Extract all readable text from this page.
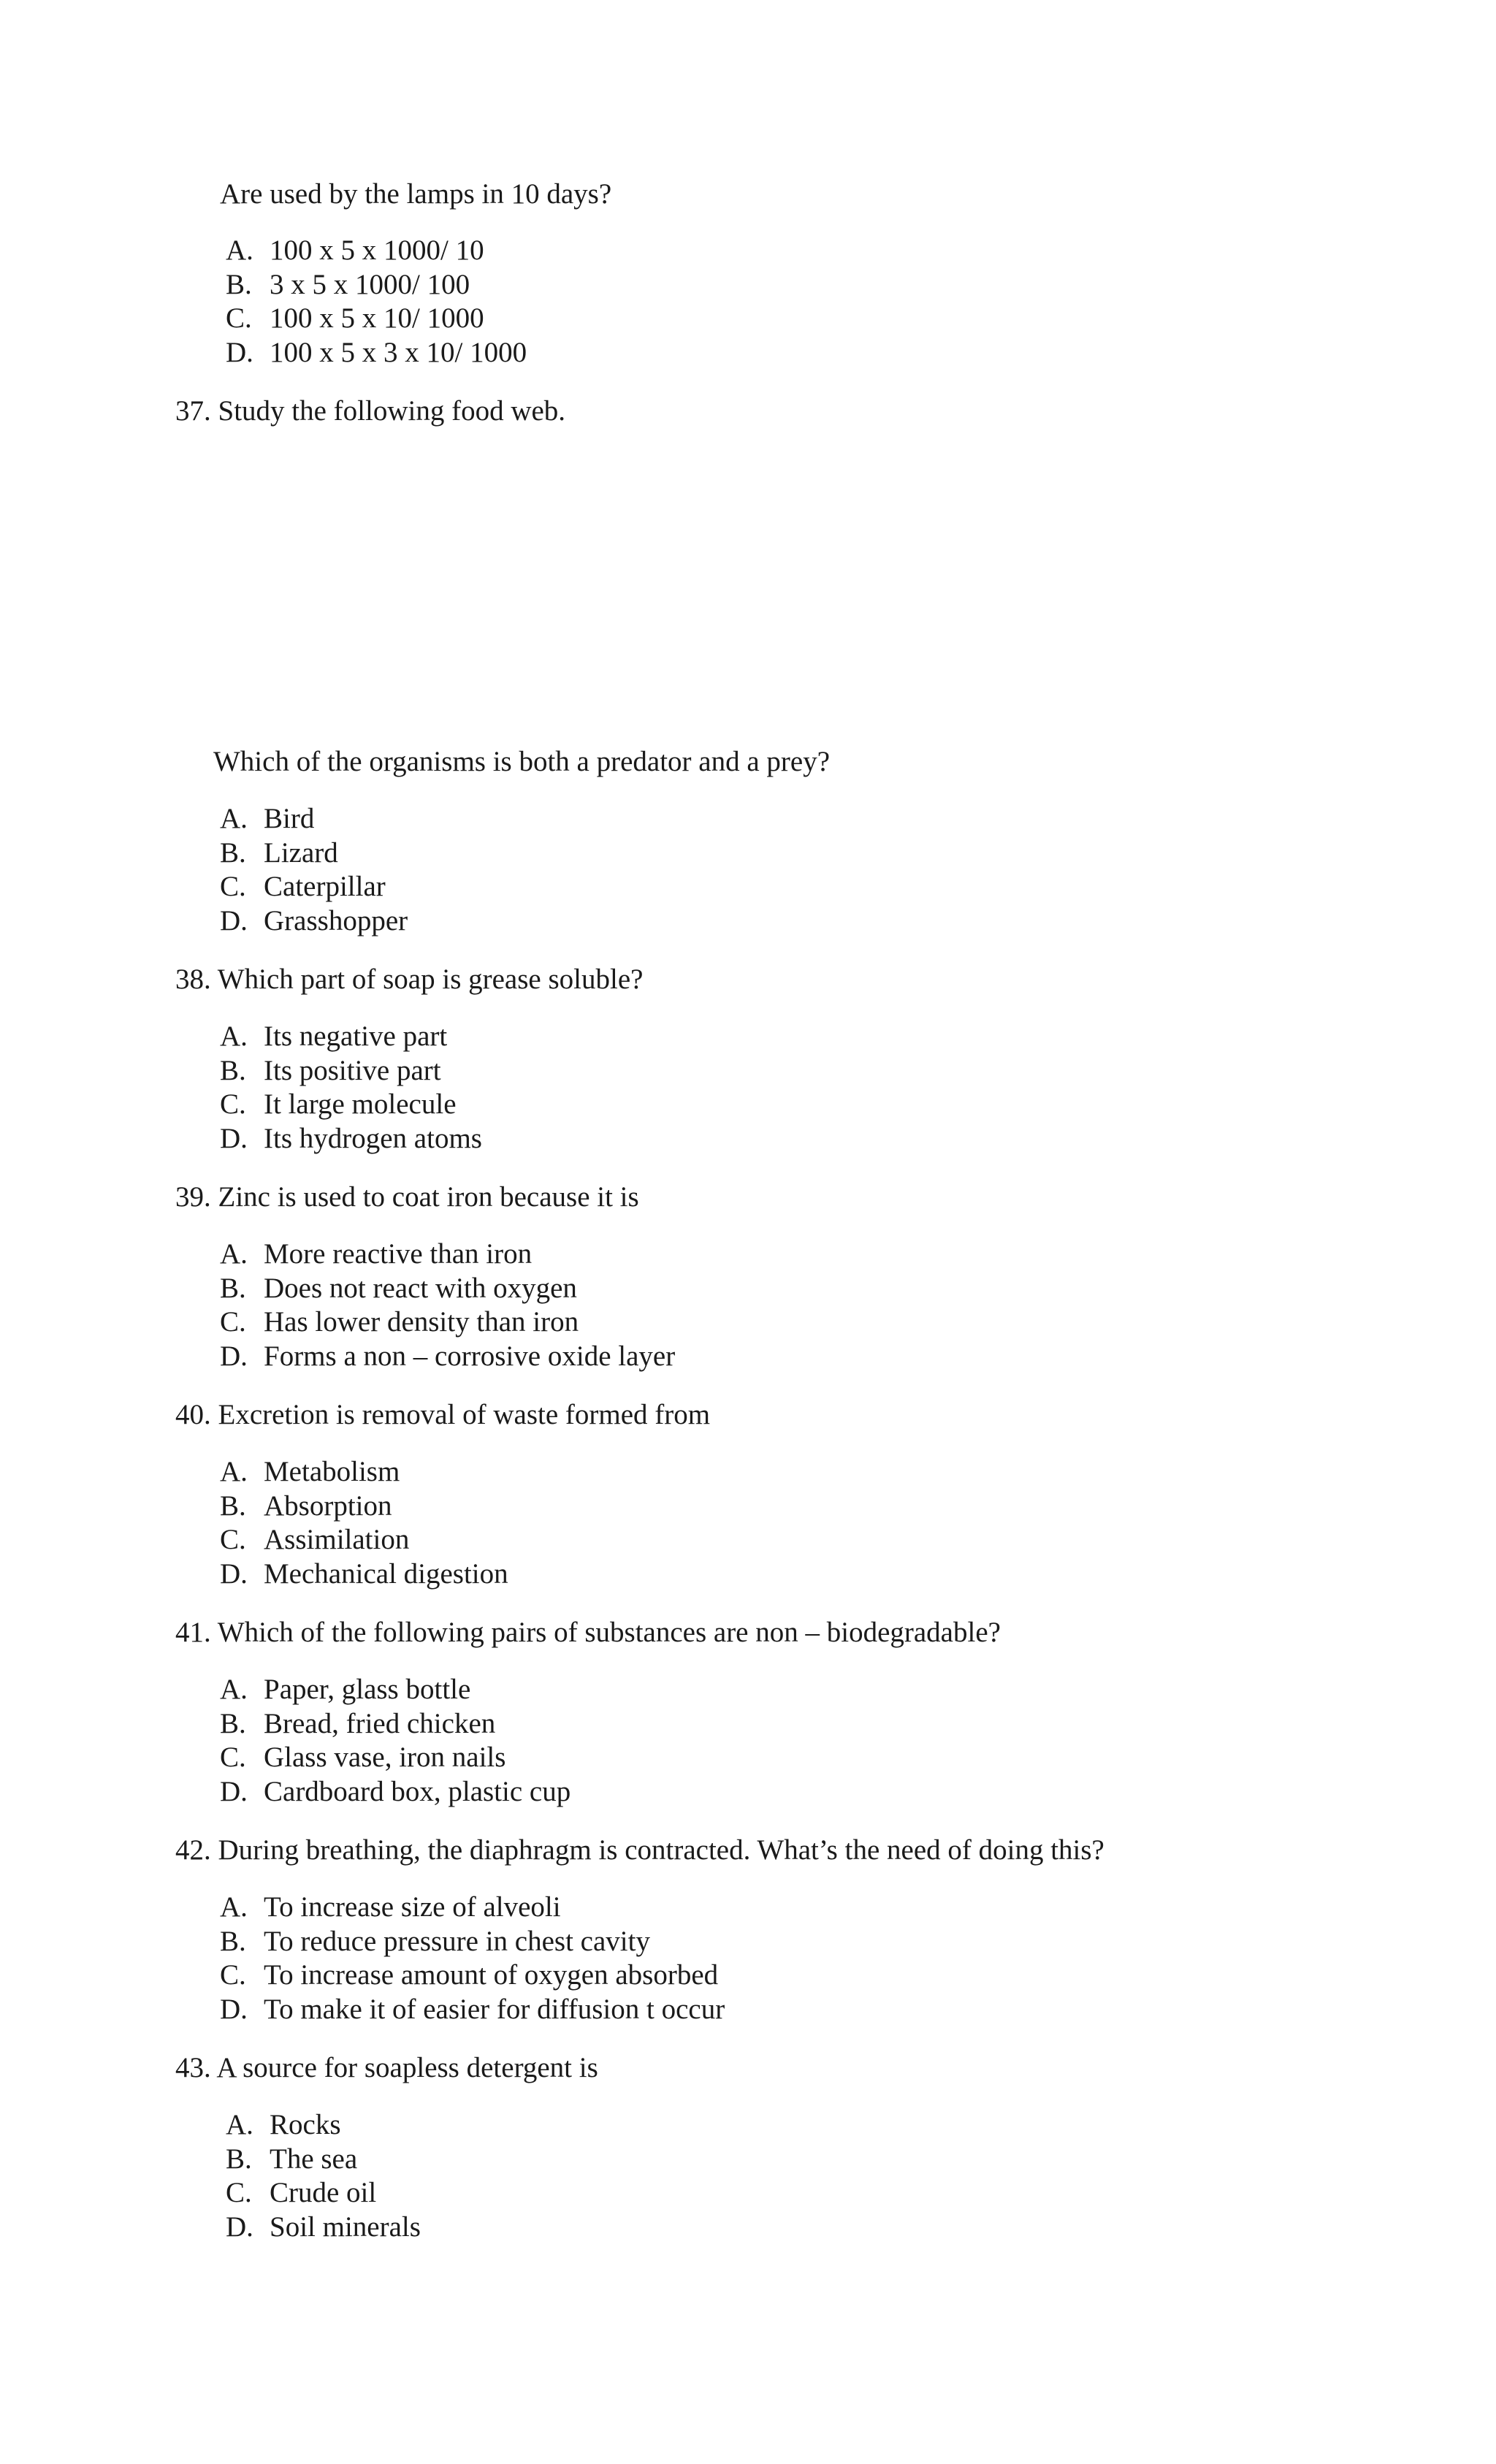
Are used by the lamps in 10 days?
A. 100 x 5 x 1000/ 10
B. 3 x 5 x 1000/ 100
C. 100 x 5 x 10/ 1000
D. 100 x 5 x 3 x 10/ 1000
37. Study the following food web.
Which of the organisms is both a predator and a prey?
A. Bird
B. Lizard
C. Caterpillar
D. Grasshopper
38. Which part of soap is grease soluble?
A. Its negative part
B. Its positive part
C. It large molecule
D. Its hydrogen atoms
39. Zinc is used to coat iron because it is
A. More reactive than iron
B. Does not react with oxygen
C. Has lower density than iron
D. Forms a non – corrosive oxide layer
40. Excretion is removal of waste formed from
A. Metabolism
B. Absorption
C. Assimilation
D. Mechanical digestion
41. Which of the following pairs of substances are non – biodegradable?
A. Paper, glass bottle
B. Bread, fried chicken
C. Glass vase, iron nails
D. Cardboard box, plastic cup
42. During breathing, the diaphragm is contracted. What’s the need of doing this?
A. To increase size of alveoli
B. To reduce pressure in chest cavity
C. To increase amount of oxygen absorbed
D. To make it of easier for diffusion t occur
43. A source for soapless detergent is
A. Rocks
B. The sea
C. Crude oil
D. Soil minerals
